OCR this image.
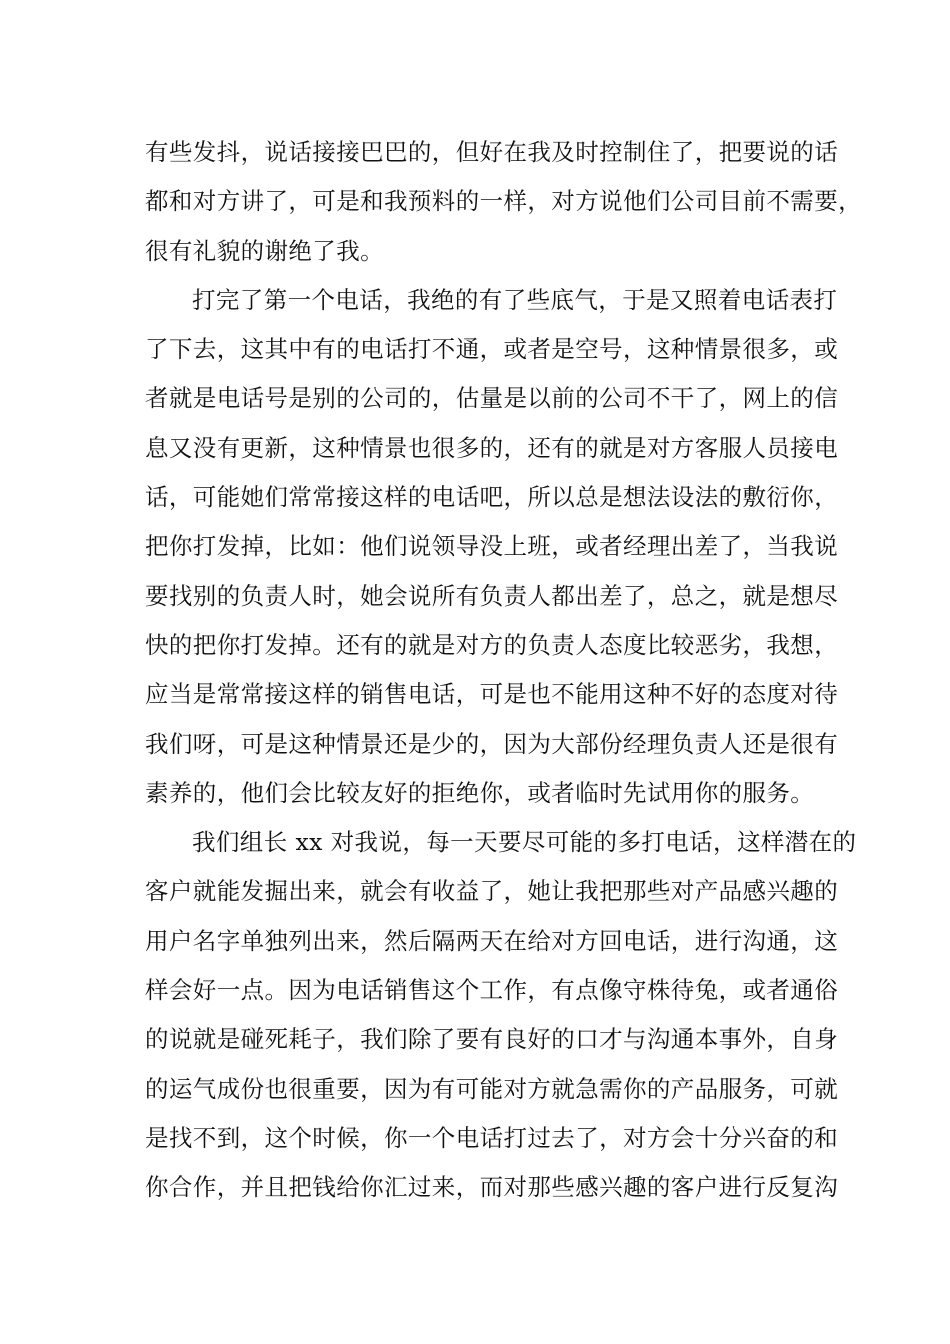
有些发抖，说话接接巴巴的，但好在我及时控制住了，把要说的话
都和对方讲了，可是和我预料的一样，对方说他们公司目前不需要，
很有礼貌的谢绝了我。
打完了第一个电话，我绝的有了些底气，于是又照着电话表打
了下去，这其中有的电话打不通，或者是空号，这种情景很多，或
者就是电话号是别的公司的，估量是以前的公司不干了，网上的信
息又没有更新，这种情景也很多的，还有的就是对方客服人员接电
话，可能她们常常接这样的电话吧，所以总是想法设法的敷衍你，
把你打发掉，比如：他们说领导没上班，或者经理出差了，当我说
要找别的负责人时，她会说所有负责人都出差了，总之，就是想尽
快的把你打发掉。还有的就是对方的负责人态度比较恶劣，我想，
应当是常常接这样的销售电话，可是也不能用这种不好的态度对待
我们呀，可是这种情景还是少的，因为大部份经理负责人还是很有
素养的，他们会比较友好的拒绝你，或者临时先试用你的服务。
我们组长 xx 对我说，每一天要尽可能的多打电话，这样潜在的
客户就能发掘出来，就会有收益了，她让我把那些对产品感兴趣的
用户名字单独列出来，然后隔两天在给对方回电话，进行沟通，这
样会好一点。因为电话销售这个工作，有点像守株待兔，或者通俗
的说就是碰死耗子，我们除了要有良好的口才与沟通本事外，自身
的运气成份也很重要，因为有可能对方就急需你的产品服务，可就
是找不到，这个时候，你一个电话打过去了，对方会十分兴奋的和
你合作，并且把钱给你汇过来，而对那些感兴趣的客户进行反复沟
